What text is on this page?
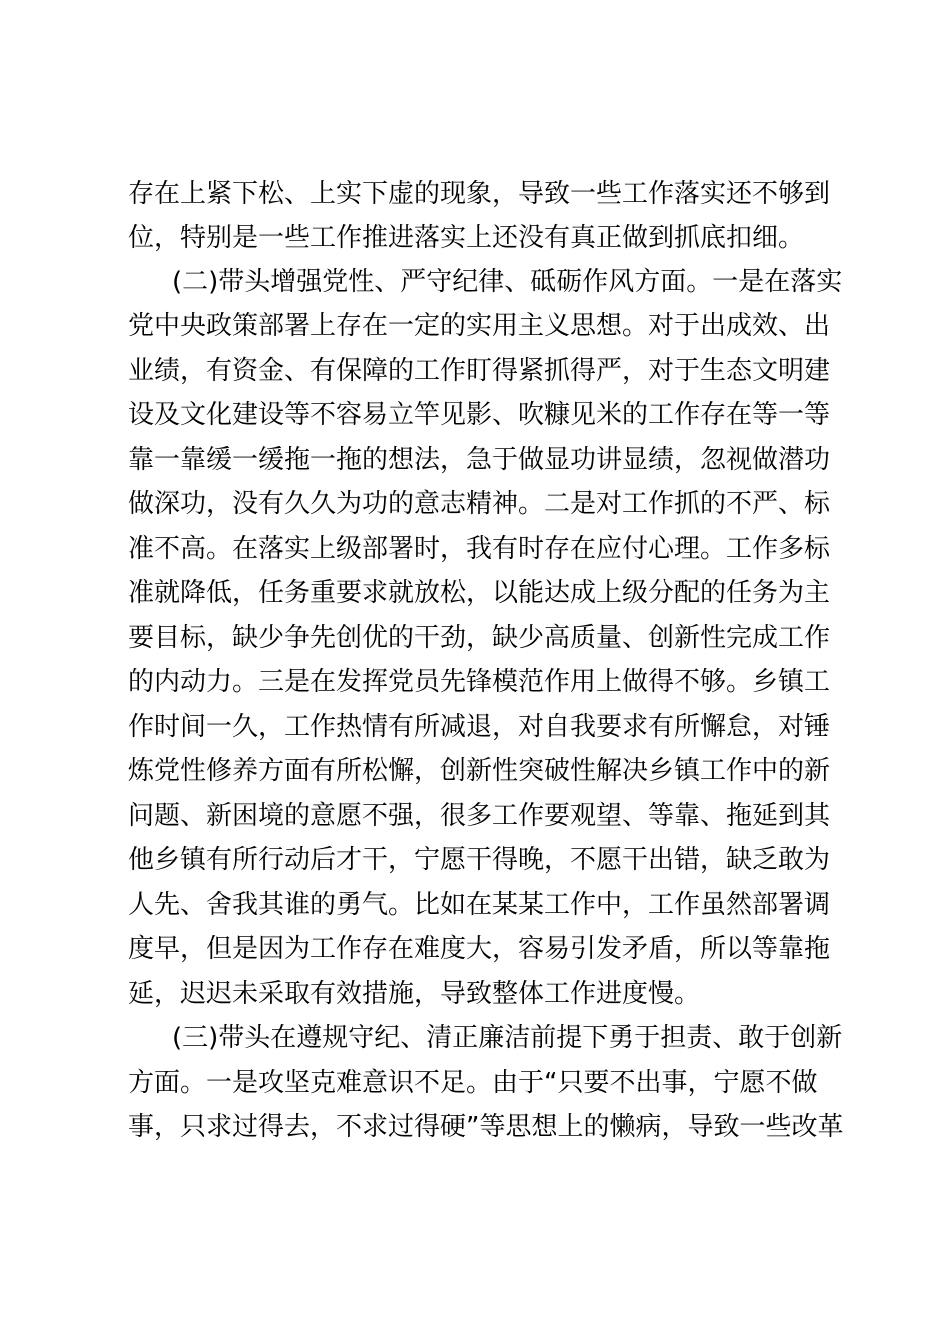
存在上紧下松、上实下虚的现象，导致一些工作落实还不够到
位，特别是一些工作推进落实上还没有真正做到抓底扣细。
(二)带头增强党性、严守纪律、砥砺作风方面。一是在落实
党中央政策部署上存在一定的实用主义思想。对于出成效、出
业绩，有资金、有保障的工作盯得紧抓得严，对于生态文明建
设及文化建设等不容易立竿见影、吹糠见米的工作存在等一等
靠一靠缓一缓拖一拖的想法，急于做显功讲显绩，忽视做潜功
做深功，没有久久为功的意志精神。二是对工作抓的不严、标
准不高。在落实上级部署时，我有时存在应付心理。工作多标
准就降低，任务重要求就放松，以能达成上级分配的任务为主
要目标，缺少争先创优的干劲，缺少高质量、创新性完成工作
的内动力。三是在发挥党员先锋模范作用上做得不够。乡镇工
作时间一久，工作热情有所减退，对自我要求有所懈怠，对锤
炼党性修养方面有所松懈，创新性突破性解决乡镇工作中的新
问题、新困境的意愿不强，很多工作要观望、等靠、拖延到其
他乡镇有所行动后才干，宁愿干得晚，不愿干出错，缺乏敢为
人先、舍我其谁的勇气。比如在某某工作中，工作虽然部署调
度早，但是因为工作存在难度大，容易引发矛盾，所以等靠拖
延，迟迟未采取有效措施，导致整体工作进度慢。
(三)带头在遵规守纪、清正廉洁前提下勇于担责、敢于创新
方面。一是攻坚克难意识不足。由于“只要不出事，宁愿不做
事，只求过得去，不求过得硬”等思想上的懒病，导致一些改革
